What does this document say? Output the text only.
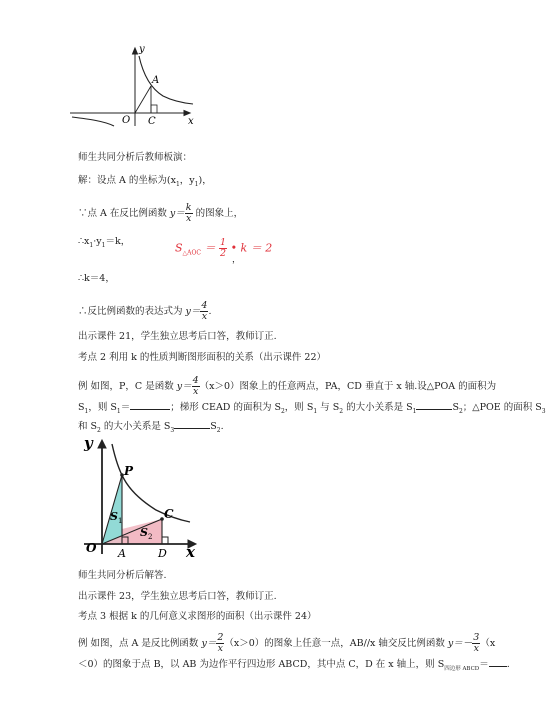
y
x
O
A
C
师生共同分析后教师板演：
解：设点 A 的坐标为($x_1$，$y_1$)，
∵点 A 在反比例函数 $y= \frac{k}{x}$ 的图象上，
$\therefore x_1\cdot y_1=k$，	$S_{\triangle AOC} = \frac{1}{2}$ • k ＝ 2
，
∴k＝4，
∴反比例函数的表达式为 $y= \frac{4}{x}$ .
出示课件 21，学生独立思考后口答，教师订正.
考点 2 利用 k 的性质判断图形面积的关系（出示课件 22）
例 如图，P，C 是函数 $y= \frac{4}{x} (x>0)$图象上的任意两点，PA，CD 垂直于 x 轴.设△POA 的面积为
$S_1$，则 $S_1=$	；梯形 CEAD 的面积为 $S_2$，则 $S_1$ 与 $S_2$ 的大小关系是 $S_1$	$S_2$；△POE 的面积 $S_3$
和 $S_2$ 的大小关系是 $S_3$	$S_2$.
y
x
O A	D
P
C
S 1
S 2
师生共同分析后解答.
出示课件 23，学生独立思考后口答，教师订正.
考点 3 根据 k 的几何意义求图形的面积（出示课件 24）
例 如图，点 A 是反比例函数 $y= \frac{2}{x} (x>0)$的图象上任意一点，AB//x 轴交反比例函数 $y=- \frac{3}{x} (x$
＜0）的图象于点 B，以 AB 为边作平行四边形 ABCD，其中点 C，D 在 x 轴上，则 $S_{四边形 ABCD}=$ .
